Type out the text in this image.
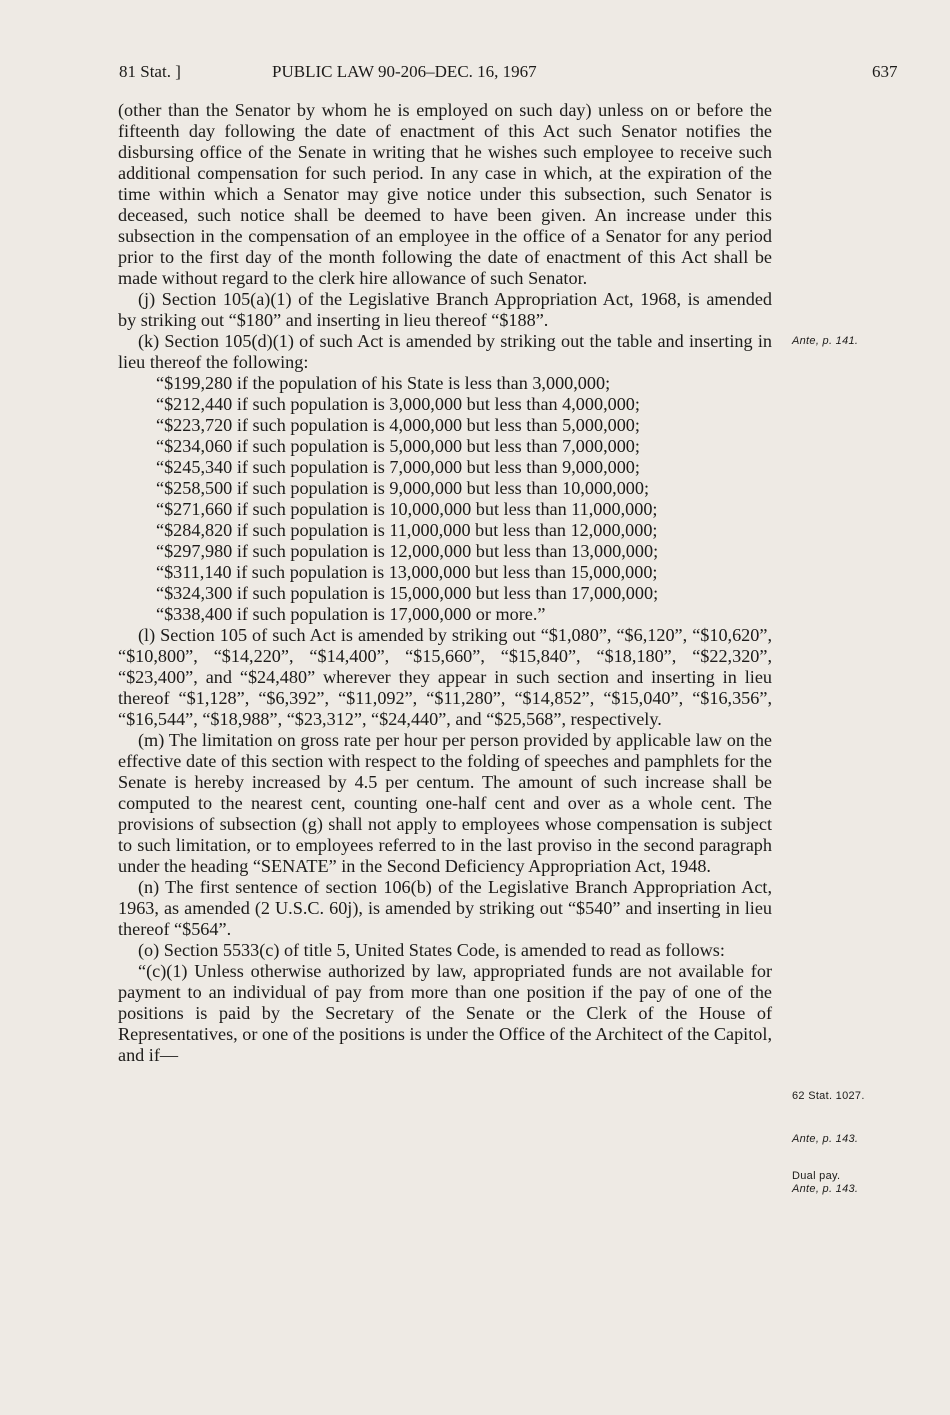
81 Stat. ]	PUBLIC LAW 90-206–DEC. 16, 1967	637

(other than the Senator by whom he is employed on such day) unless on or before the fifteenth day following the date of enactment of this Act such Senator notifies the disbursing office of the Senate in writing that he wishes such employee to receive such additional compensation for such period. In any case in which, at the expiration of the time within which a Senator may give notice under this subsection, such Senator is deceased, such notice shall be deemed to have been given. An increase under this subsection in the compensation of an employee in the office of a Senator for any period prior to the first day of the month following the date of enactment of this Act shall be made without regard to the clerk hire allowance of such Senator.

(j) Section 105(a)(1) of the Legislative Branch Appropriation Act, 1968, is amended by striking out “$180” and inserting in lieu thereof “$188”.

(k) Section 105(d)(1) of such Act is amended by striking out the table and inserting in lieu thereof the following:

“$199,280 if the population of his State is less than 3,000,000;

“$212,440 if such population is 3,000,000 but less than 4,000,000;

“$223,720 if such population is 4,000,000 but less than 5,000,000;

“$234,060 if such population is 5,000,000 but less than 7,000,000;

“$245,340 if such population is 7,000,000 but less than 9,000,000;

“$258,500 if such population is 9,000,000 but less than 10,000,000;

“$271,660 if such population is 10,000,000 but less than 11,000,000;

“$284,820 if such population is 11,000,000 but less than 12,000,000;

“$297,980 if such population is 12,000,000 but less than 13,000,000;

“$311,140 if such population is 13,000,000 but less than 15,000,000;

“$324,300 if such population is 15,000,000 but less than 17,000,000;

“$338,400 if such population is 17,000,000 or more.”

(l) Section 105 of such Act is amended by striking out “$1,080”, “$6,120”, “$10,620”, “$10,800”, “$14,220”, “$14,400”, “$15,660”, “$15,840”, “$18,180”, “$22,320”, “$23,400”, and “$24,480” wherever they appear in such section and inserting in lieu thereof “$1,128”, “$6,392”, “$11,092”, “$11,280”, “$14,852”, “$15,040”, “$16,356”, “$16,544”, “$18,988”, “$23,312”, “$24,440”, and “$25,568”, respectively.

(m) The limitation on gross rate per hour per person provided by applicable law on the effective date of this section with respect to the folding of speeches and pamphlets for the Senate is hereby increased by 4.5 per centum. The amount of such increase shall be computed to the nearest cent, counting one-half cent and over as a whole cent. The provisions of subsection (g) shall not apply to employees whose compensation is subject to such limitation, or to employees referred to in the last proviso in the second paragraph under the heading “SENATE” in the Second Deficiency Appropriation Act, 1948.

(n) The first sentence of section 106(b) of the Legislative Branch Appropriation Act, 1963, as amended (2 U.S.C. 60j), is amended by striking out “$540” and inserting in lieu thereof “$564”.

(o) Section 5533(c) of title 5, United States Code, is amended to read as follows:

“(c)(1) Unless otherwise authorized by law, appropriated funds are not available for payment to an individual of pay from more than one position if the pay of one of the positions is paid by the Secretary of the Senate or the Clerk of the House of Representatives, or one of the positions is under the Office of the Architect of the Capitol, and if—

Ante, p. 141.
62 Stat. 1027.
Ante, p. 143.
Dual pay.
Ante, p. 143.
